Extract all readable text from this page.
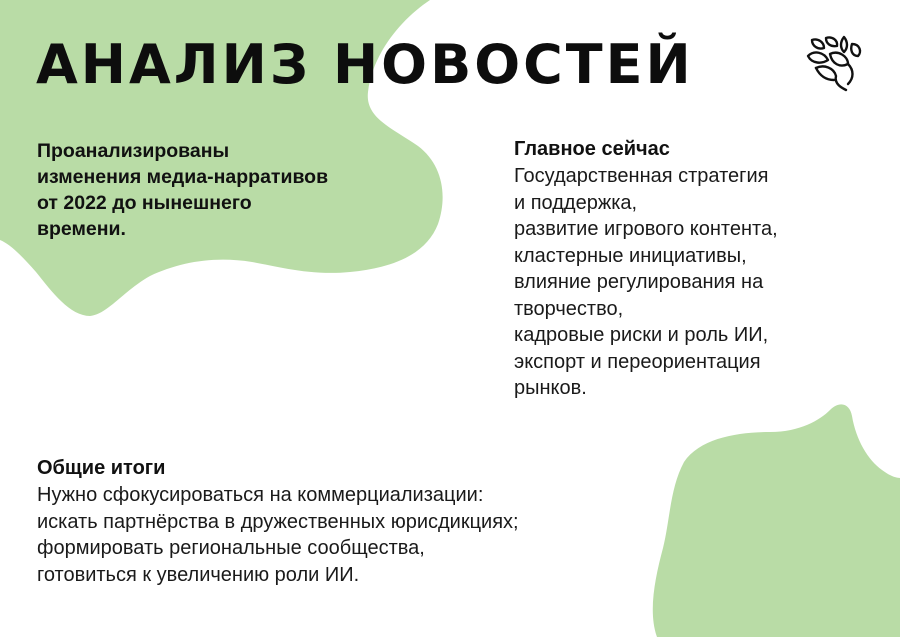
АНАЛИЗ НОВОСТЕЙ

Проанализированы
изменения медиа-нарративов
от 2022 до нынешнего
времени.

Главное сейчас
Государственная стратегия
и поддержка,
развитие игрового контента,
кластерные инициативы,
влияние регулирования на
творчество,
кадровые риски и роль ИИ,
экспорт и переориентация
рынков.
Общие итоги
Нужно сфокусироваться на коммерциализации:
искать партнёрства в дружественных юрисдикциях;
формировать региональные сообщества,
готовиться к увеличению роли ИИ.
